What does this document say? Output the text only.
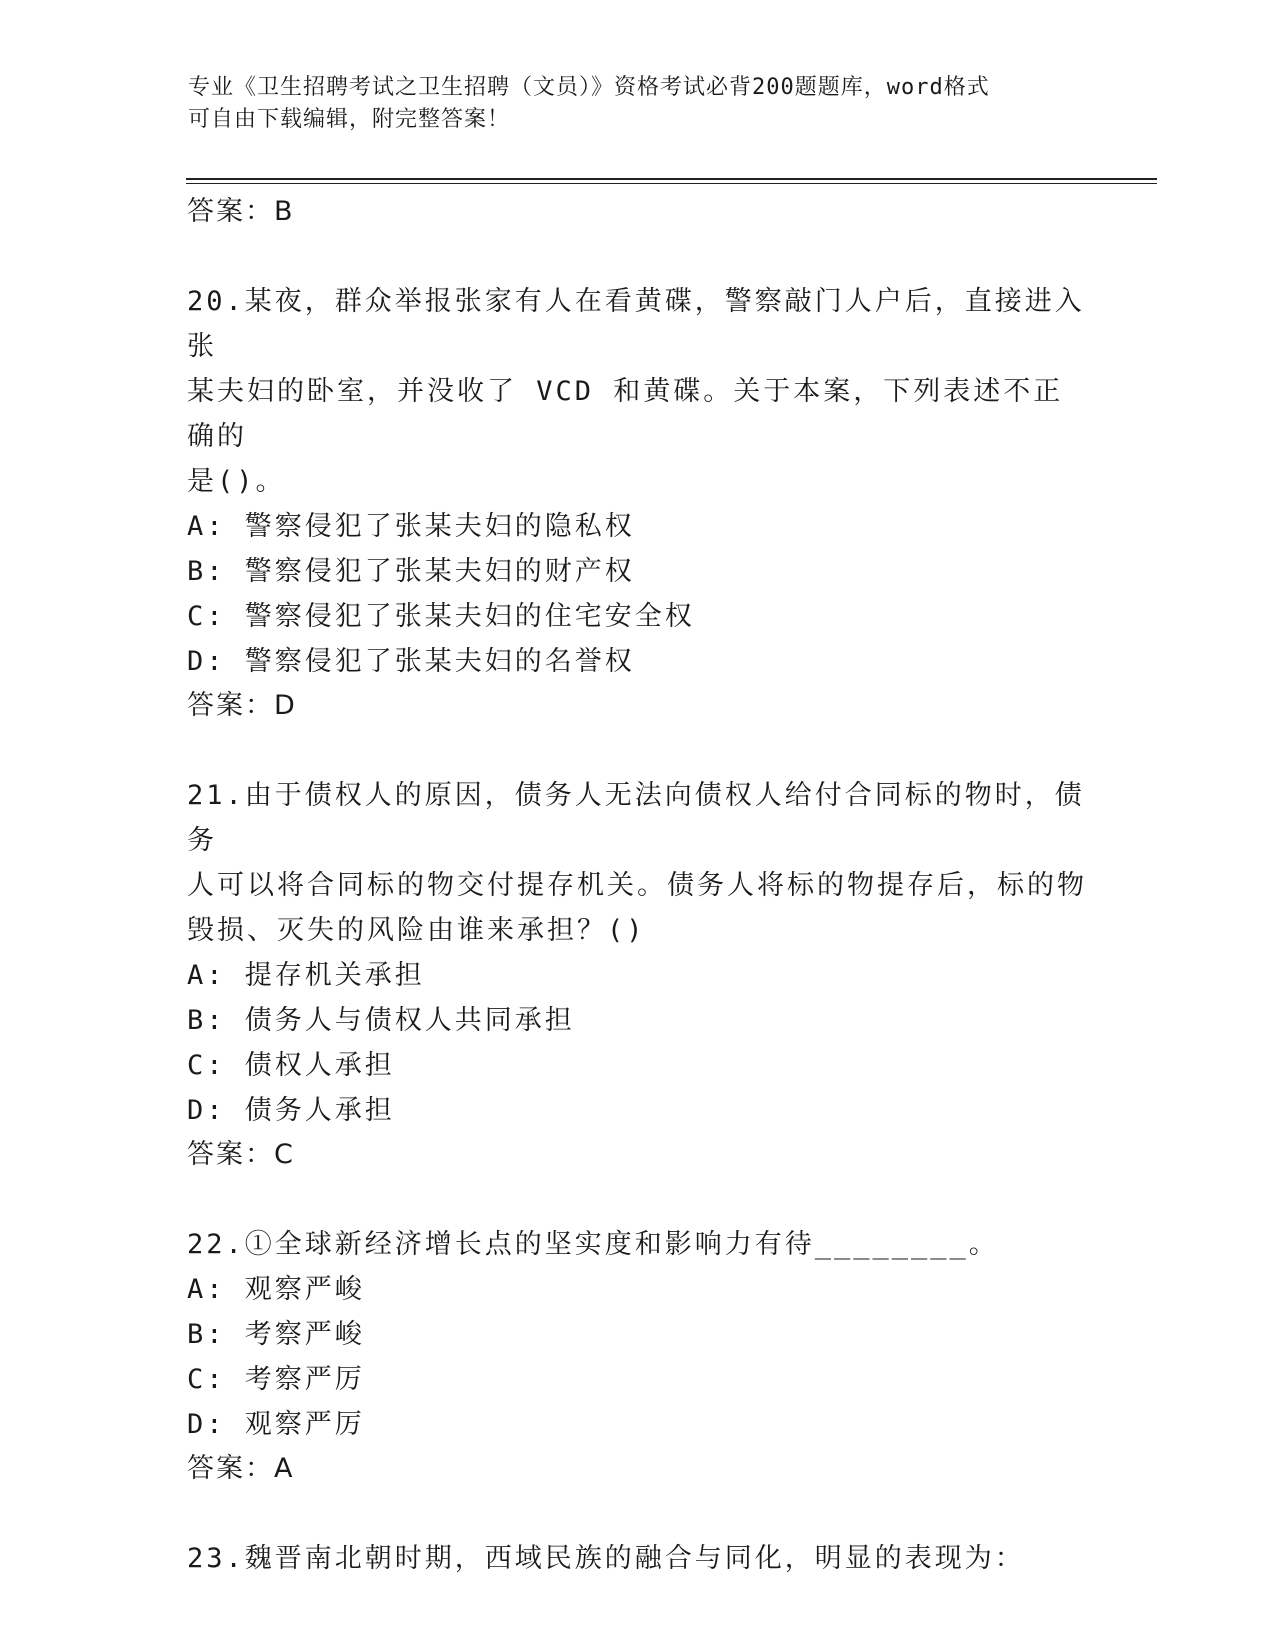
专业《卫生招聘考试之卫生招聘（文员）》资格考试必背200题题库，word格式
可自由下载编辑，附完整答案！
答案：B
20.某夜，群众举报张家有人在看黄碟，警察敲门人户后，直接进入张
某夫妇的卧室，并没收了 VCD 和黄碟。关于本案，下列表述不正确的
是()。
A: 警察侵犯了张某夫妇的隐私权
B: 警察侵犯了张某夫妇的财产权
C: 警察侵犯了张某夫妇的住宅安全权
D: 警察侵犯了张某夫妇的名誉权
答案：D
21.由于债权人的原因，债务人无法向债权人给付合同标的物时，债务
人可以将合同标的物交付提存机关。债务人将标的物提存后，标的物
毁损、灭失的风险由谁来承担？()
A: 提存机关承担
B: 债务人与债权人共同承担
C: 债权人承担
D: 债务人承担
答案：C
22.①全球新经济增长点的坚实度和影响力有待________。
A: 观察严峻
B: 考察严峻
C: 考察严厉
D: 观察严厉
答案：A
23.魏晋南北朝时期，西域民族的融合与同化，明显的表现为：
